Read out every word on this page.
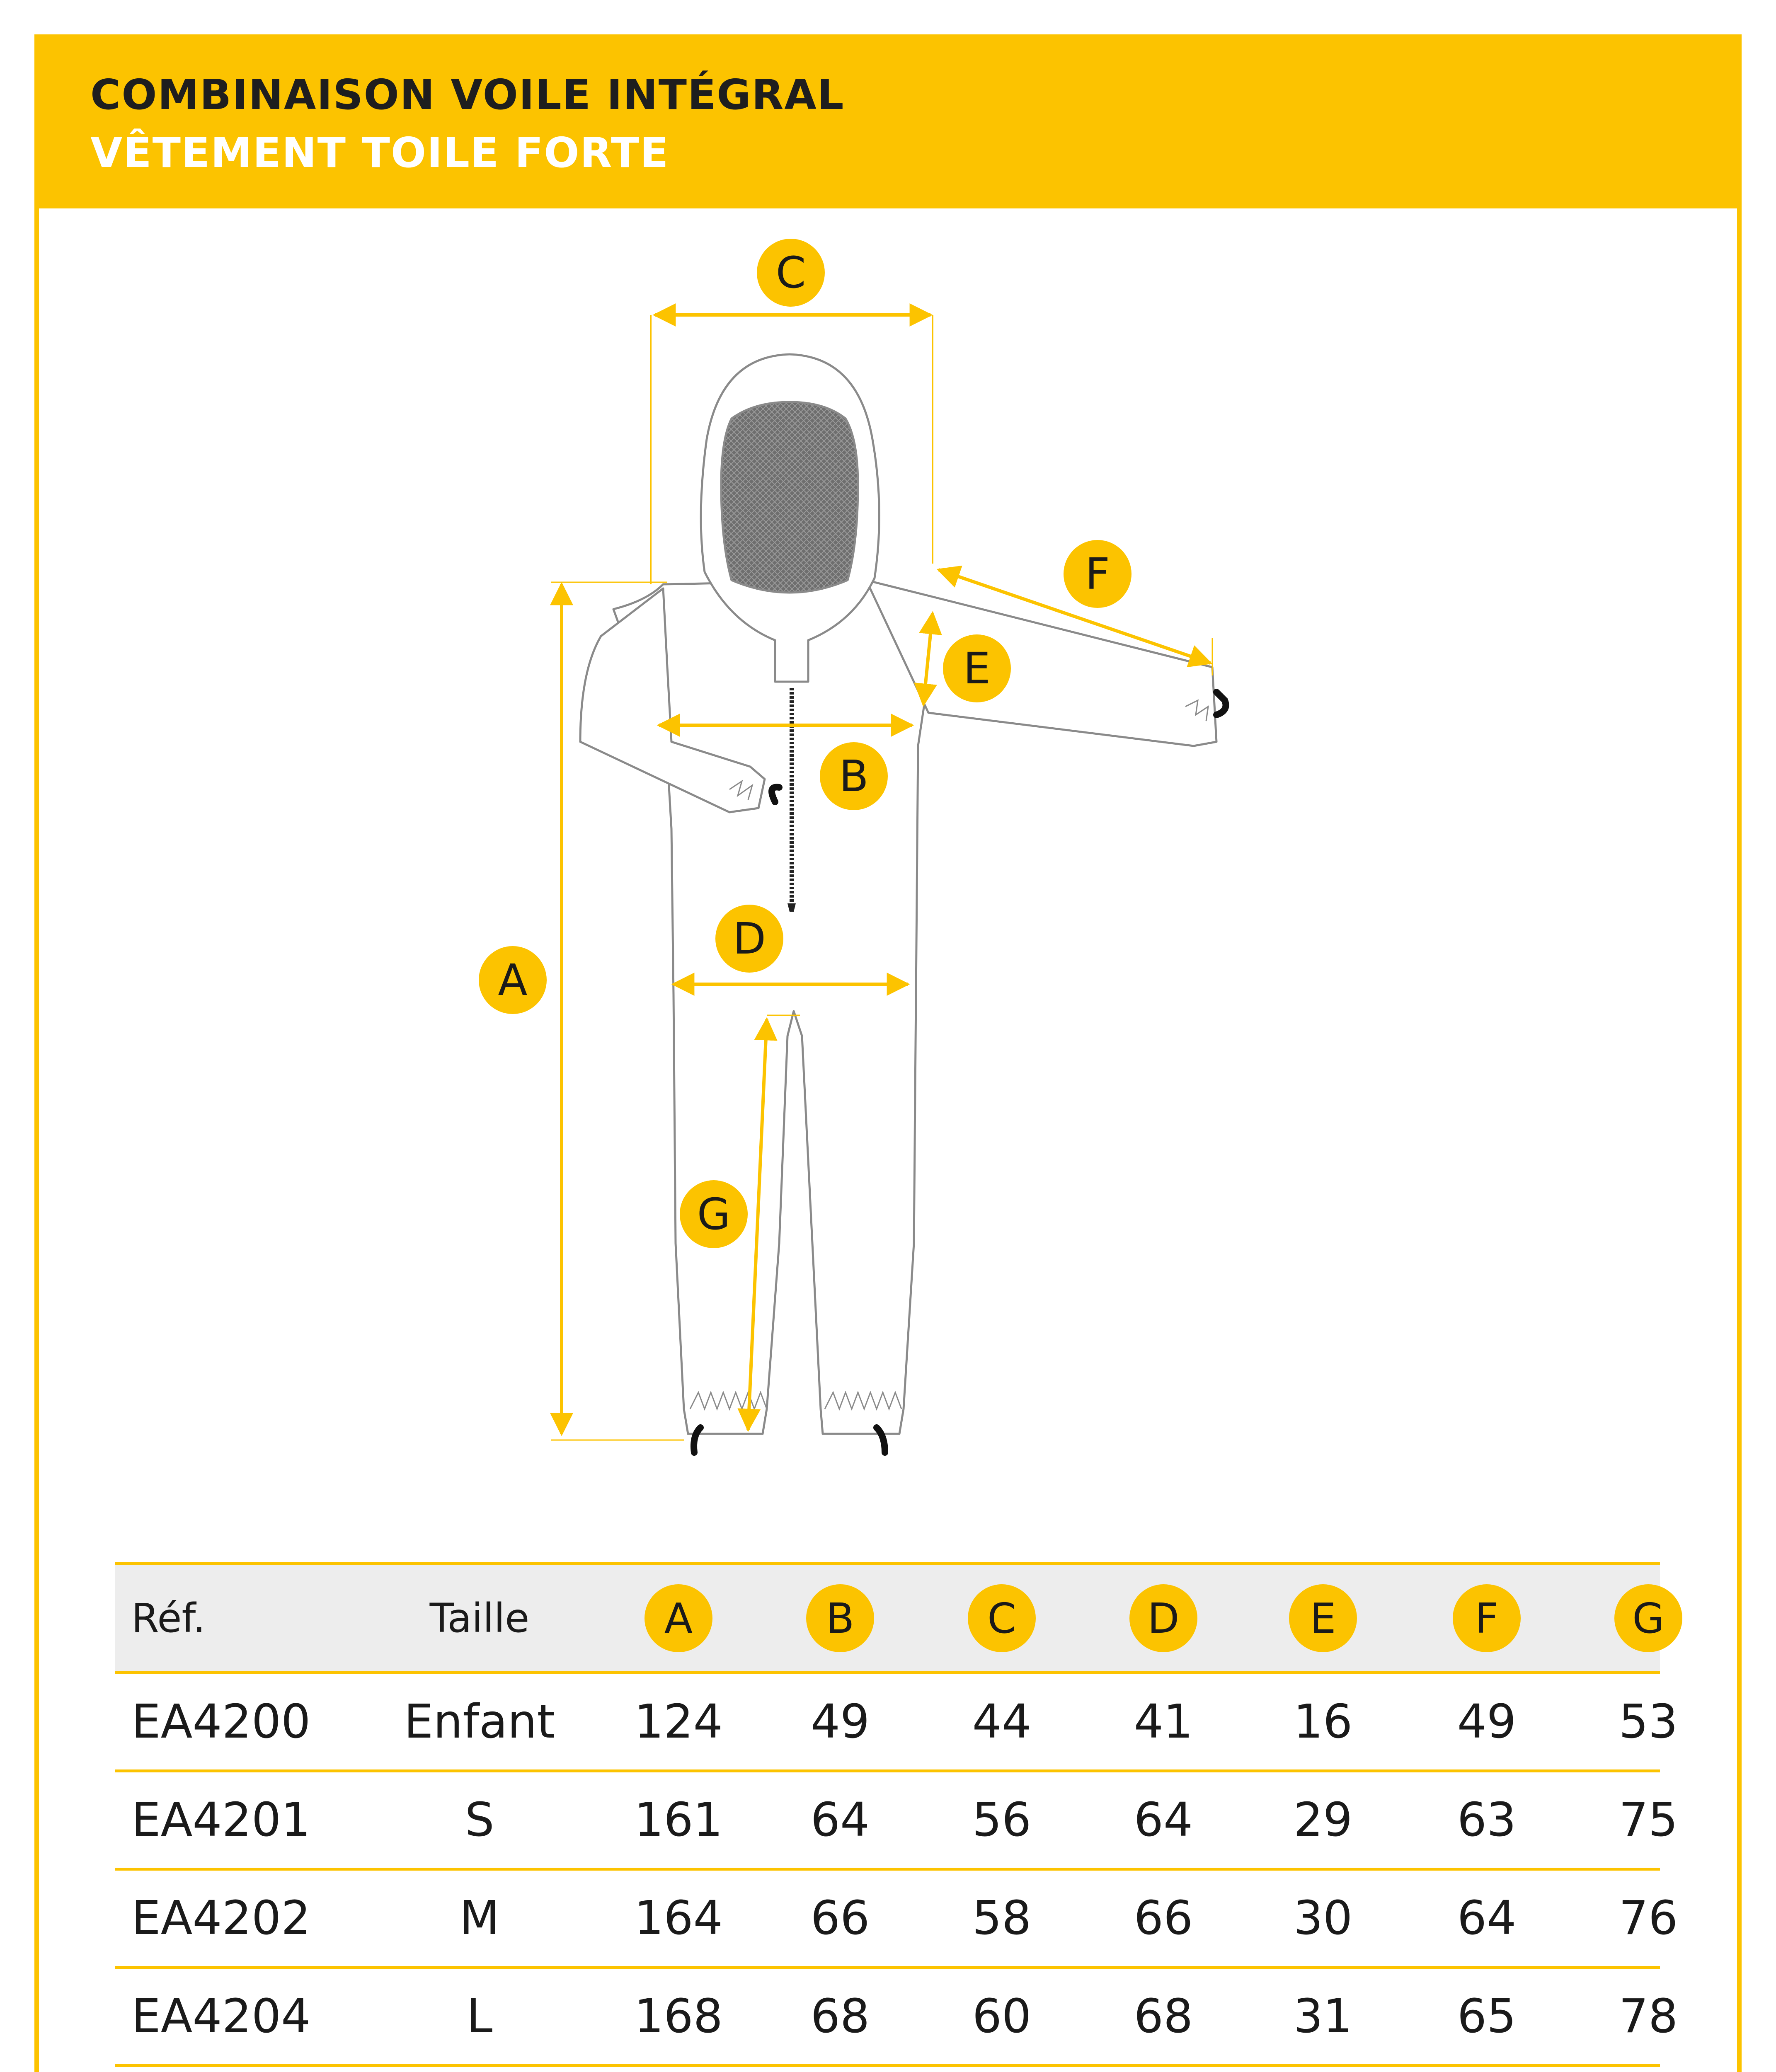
COMBINAISON VOILE INTÉGRAL
VÊTEMENT TOILE FORTE
C
F
E
B
D
A
G
Réf.	Taille	A	B	C	D	E	F	G
EA4200	Enfant	124	49	44	41	16	49	53
EA4201	S	161	64	56	64	29	63	75
EA4202	M	164	66	58	66	30	64	76
EA4204	L	168	68	60	68	31	65	78
